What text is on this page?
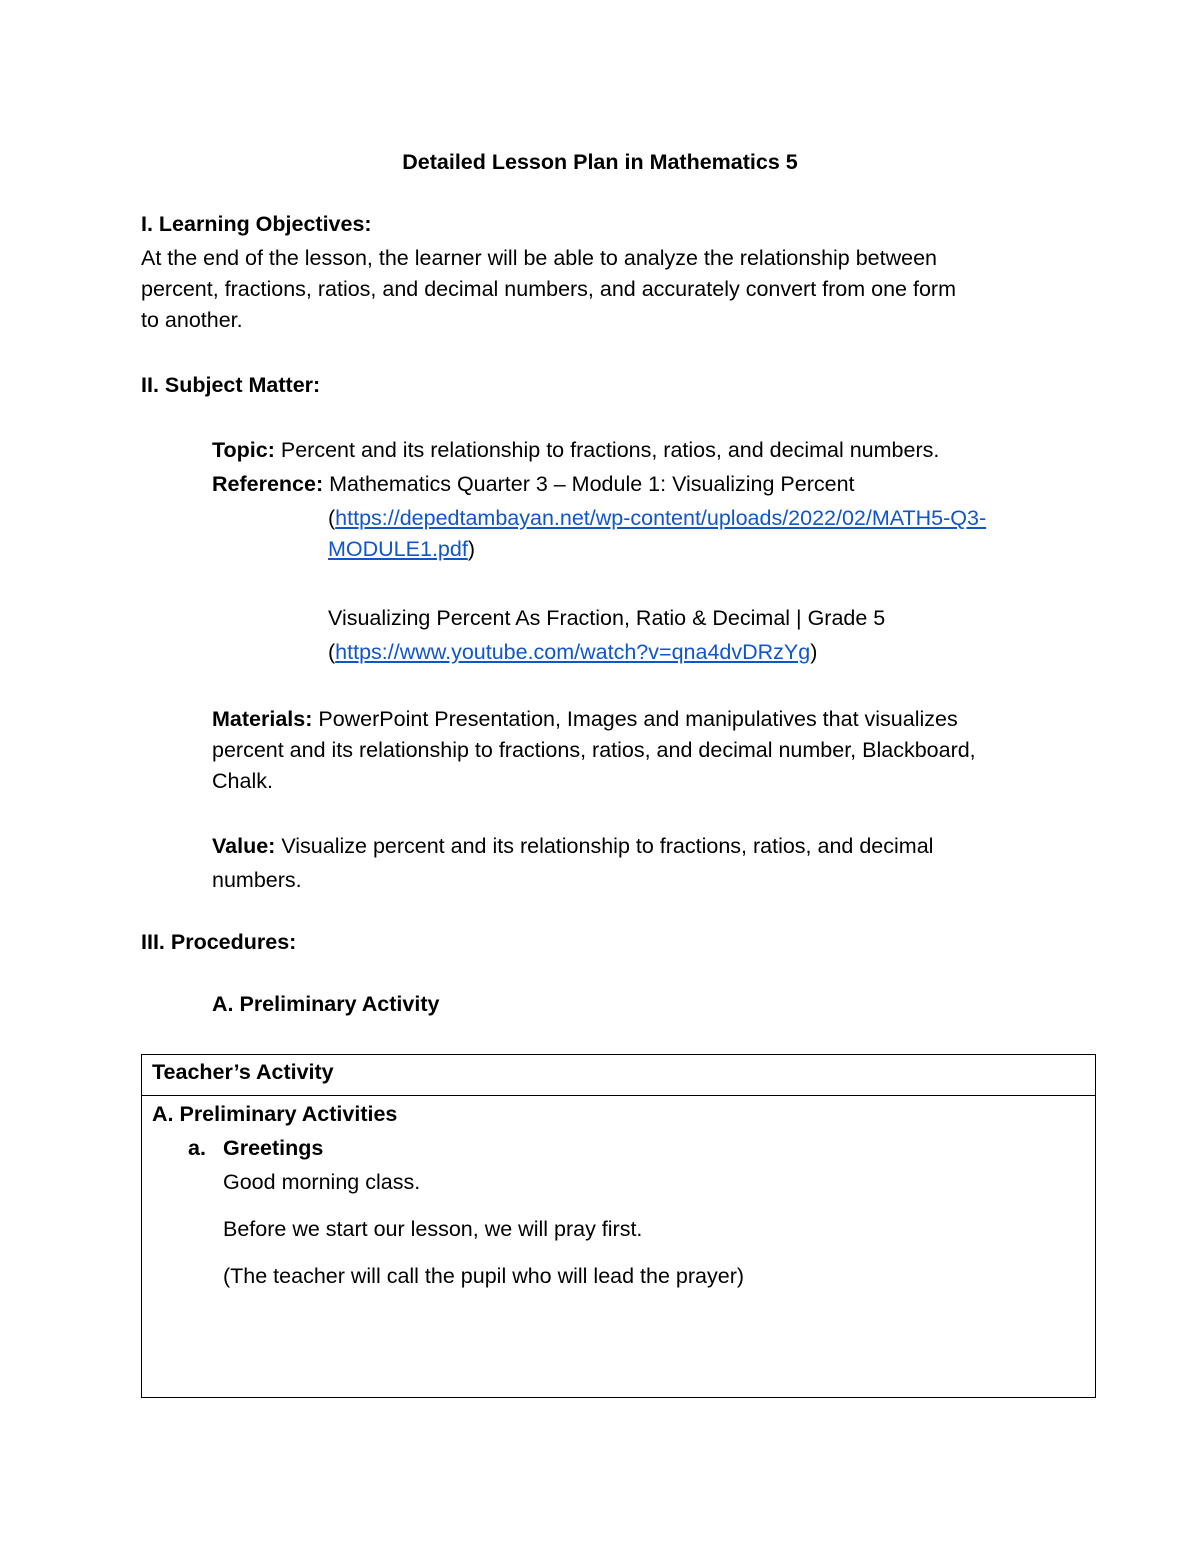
Detailed Lesson Plan in Mathematics 5

I. Learning Objectives:

At the end of the lesson, the learner will be able to analyze the relationship between

percent, fractions, ratios, and decimal numbers, and accurately convert from one form

to another.

II. Subject Matter:

Topic: Percent and its relationship to fractions, ratios, and decimal numbers.

Reference: Mathematics Quarter 3 – Module 1: Visualizing Percent

(https://depedtambayan.net/wp-content/uploads/2022/02/MATH5-Q3-

MODULE1.pdf)

Visualizing Percent As Fraction, Ratio & Decimal | Grade 5

(https://www.youtube.com/watch?v=qna4dvDRzYg)

Materials: PowerPoint Presentation, Images and manipulatives that visualizes

percent and its relationship to fractions, ratios, and decimal number, Blackboard,

Chalk.

Value: Visualize percent and its relationship to fractions, ratios, and decimal

numbers.

III. Procedures:

A. Preliminary Activity

Teacher’s Activity

A. Preliminary Activities

a. Greetings

Good morning class.

Before we start our lesson, we will pray first.

(The teacher will call the pupil who will lead the prayer)
